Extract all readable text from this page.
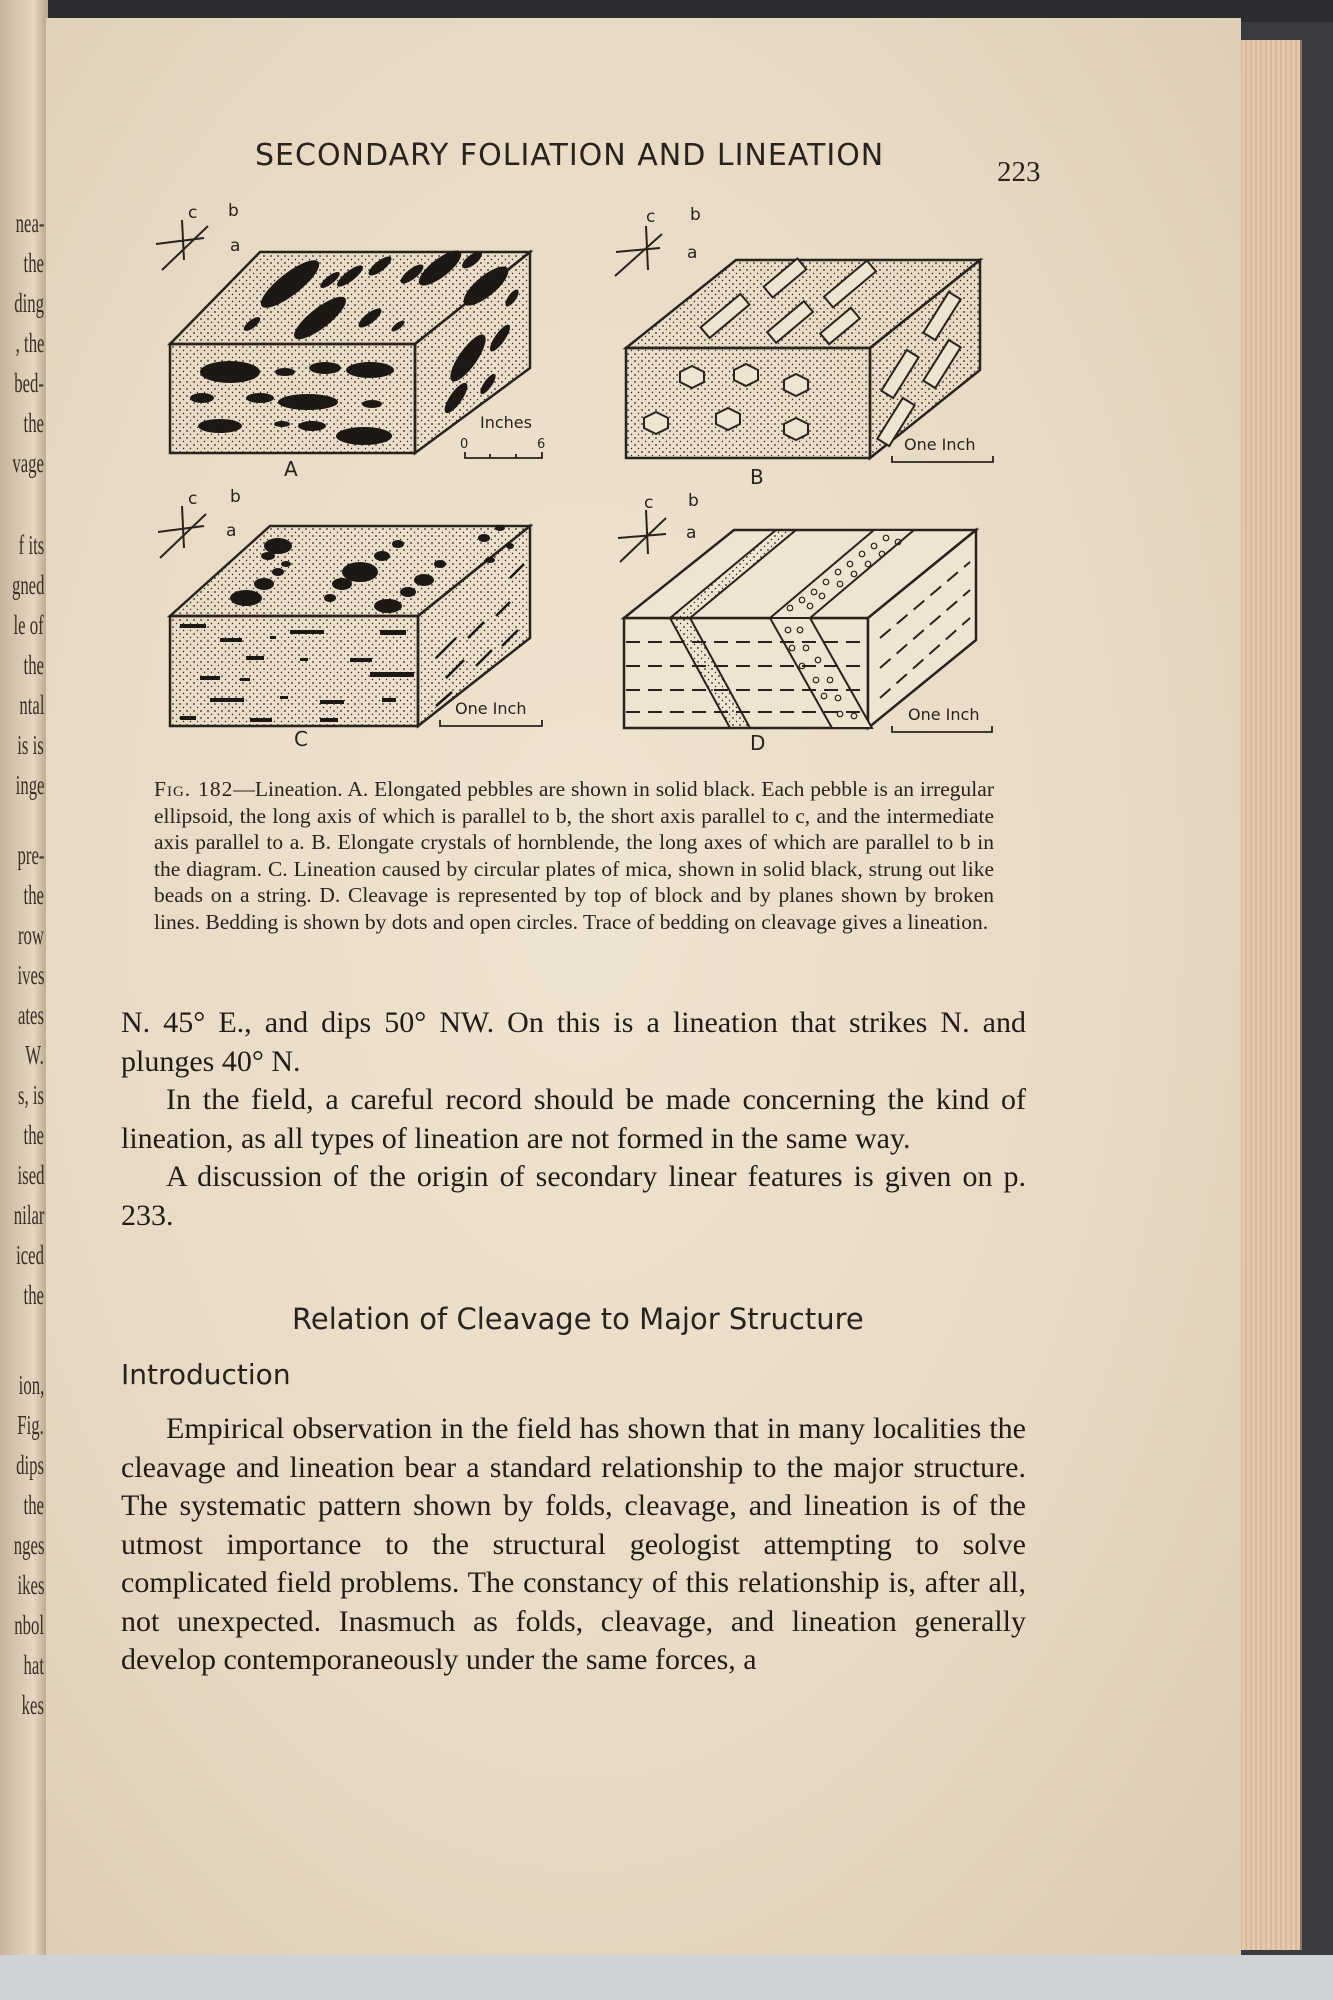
nea-
the
ding
, the
bed-
the
vage
f its
gned
le of
the
ntal
is is
inge
pre-
the
row
ives
ates
W.
s, is
the
ised
nilar
iced
the
ion,
Fig.
dips
the
nges
ikes
nbol
hat
kes
SECONDARY FOLIATION AND LINEATION	223
c b
a
Inches
0	6
A
c b
a
One Inch
B
c b
a
One Inch
C
c b
a
One Inch
D
Fig. 182—Lineation. A. Elongated pebbles are shown in solid black. Each pebble is an irregular ellipsoid, the long axis of which is parallel to b, the short axis parallel to c, and the intermediate axis parallel to a. B. Elongate crystals of hornblende, the long axes of which are parallel to b in the diagram. C. Lineation caused by circular plates of mica, shown in solid black, strung out like beads on a string. D. Cleavage is represented by top of block and by planes shown by broken lines. Bedding is shown by dots and open circles. Trace of bedding on cleavage gives a lineation.

N. 45° E., and dips 50° NW. On this is a lineation that strikes N. and plunges 40° N.

In the field, a careful record should be made concerning the kind of lineation, as all types of lineation are not formed in the same way.

A discussion of the origin of secondary linear features is given on p. 233.

Relation of Cleavage to Major Structure
Introduction

Empirical observation in the field has shown that in many localities the cleavage and lineation bear a standard relationship to the major structure. The systematic pattern shown by folds, cleavage, and lineation is of the utmost importance to the structural geologist attempting to solve complicated field problems. The constancy of this relationship is, after all, not unexpected. Inasmuch as folds, cleavage, and lineation generally develop contemporaneously under the same forces, a
